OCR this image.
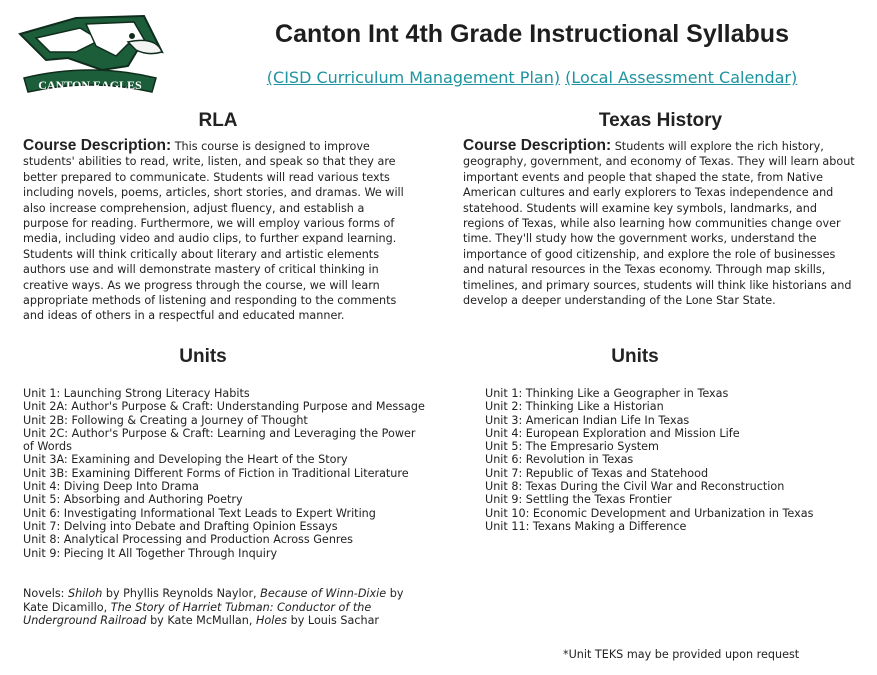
CANTON EAGLES
Canton Int 4th Grade Instructional Syllabus
(CISD Curriculum Management Plan) (Local Assessment Calendar)
RLA

Course Description: This course is designed to improve students' abilities to read, write, listen, and speak so that they are better prepared to communicate. Students will read various texts including novels, poems, articles, short stories, and dramas. We will also increase comprehension, adjust fluency, and establish a purpose for reading. Furthermore, we will employ various forms of media, including video and audio clips, to further expand learning. Students will think critically about literary and artistic elements authors use and will demonstrate mastery of critical thinking in creative ways. As we progress through the course, we will learn appropriate methods of listening and responding to the comments and ideas of others in a respectful and educated manner.

Texas History

Course Description: Students will explore the rich history, geography, government, and economy of Texas. They will learn about important events and people that shaped the state, from Native American cultures and early explorers to Texas independence and statehood. Students will examine key symbols, landmarks, and regions of Texas, while also learning how communities change over time. They'll study how the government works, understand the importance of good citizenship, and explore the role of businesses and natural resources in the Texas economy. Through map skills, timelines, and primary sources, students will think like historians and develop a deeper understanding of the Lone Star State.

Units	Units
Unit 1: Launching Strong Literacy Habits
Unit 2A: Author's Purpose & Craft: Understanding Purpose and Message
Unit 2B: Following & Creating a Journey of Thought
Unit 2C: Author's Purpose & Craft: Learning and Leveraging the Power of Words
Unit 3A: Examining and Developing the Heart of the Story
Unit 3B: Examining Different Forms of Fiction in Traditional Literature
Unit 4: Diving Deep Into Drama
Unit 5: Absorbing and Authoring Poetry
Unit 6: Investigating Informational Text Leads to Expert Writing
Unit 7: Delving into Debate and Drafting Opinion Essays
Unit 8: Analytical Processing and Production Across Genres
Unit 9: Piecing It All Together Through Inquiry
Unit 1: Thinking Like a Geographer in Texas
Unit 2: Thinking Like a Historian
Unit 3: American Indian Life In Texas
Unit 4: European Exploration and Mission Life
Unit 5: The Empresario System
Unit 6: Revolution in Texas
Unit 7: Republic of Texas and Statehood
Unit 8: Texas During the Civil War and Reconstruction
Unit 9: Settling the Texas Frontier
Unit 10: Economic Development and Urbanization in Texas
Unit 11: Texans Making a Difference
Novels: Shiloh by Phyllis Reynolds Naylor, Because of Winn-Dixie by Kate Dicamillo, The Story of Harriet Tubman: Conductor of the Underground Railroad by Kate McMullan, Holes by Louis Sachar
*Unit TEKS may be provided upon request
